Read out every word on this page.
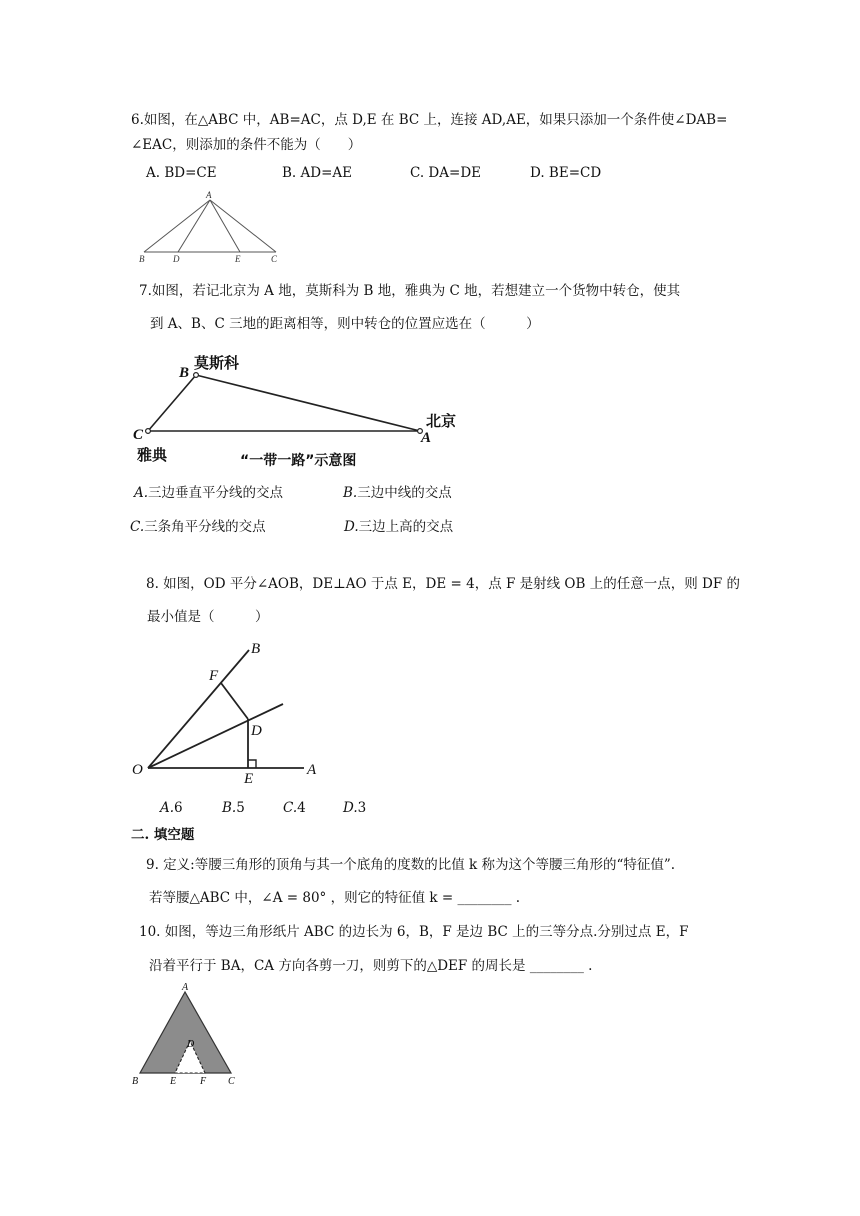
6.如图，在△ABC 中，AB=AC，点 D,E 在 BC 上，连接 AD,AE，如果只添加一个条件使∠DAB=
∠EAC，则添加的条件不能为（　　）
A. BD=CE	B. AD=AE	C. DA=DE	D. BE=CD
A
B	D	E	C
7.如图，若记北京为 A 地，莫斯科为 B 地，雅典为 C 地，若想建立一个货物中转仓，使其
到 A、B、C 三地的距离相等，则中转仓的位置应选在（　　　）
B
莫斯科
C
雅典
A
北京
“一带一路”示意图
A.三边垂直平分线的交点	B.三边中线的交点
C.三条角平分线的交点	D.三边上高的交点
8. 如图，OD 平分∠AOB，DE⊥AO 于点 E，DE = 4，点 F 是射线 OB 上的任意一点，则 DF 的
最小值是（　　　）
B
F
D
O
E
A
A.6	B.5	C.4	D.3
二. 填空题
9. 定义:等腰三角形的顶角与其一个底角的度数的比值 k 称为这个等腰三角形的“特征值”.
若等腰△ABC 中，∠A = 80° ，则它的特征值 k = ________ .
10. 如图，等边三角形纸片 ABC 的边长为 6，B，F 是边 BC 上的三等分点.分别过点 E，F
沿着平行于 BA，CA 方向各剪一刀，则剪下的△DEF 的周长是 ________ .
A
D
B	E F C
